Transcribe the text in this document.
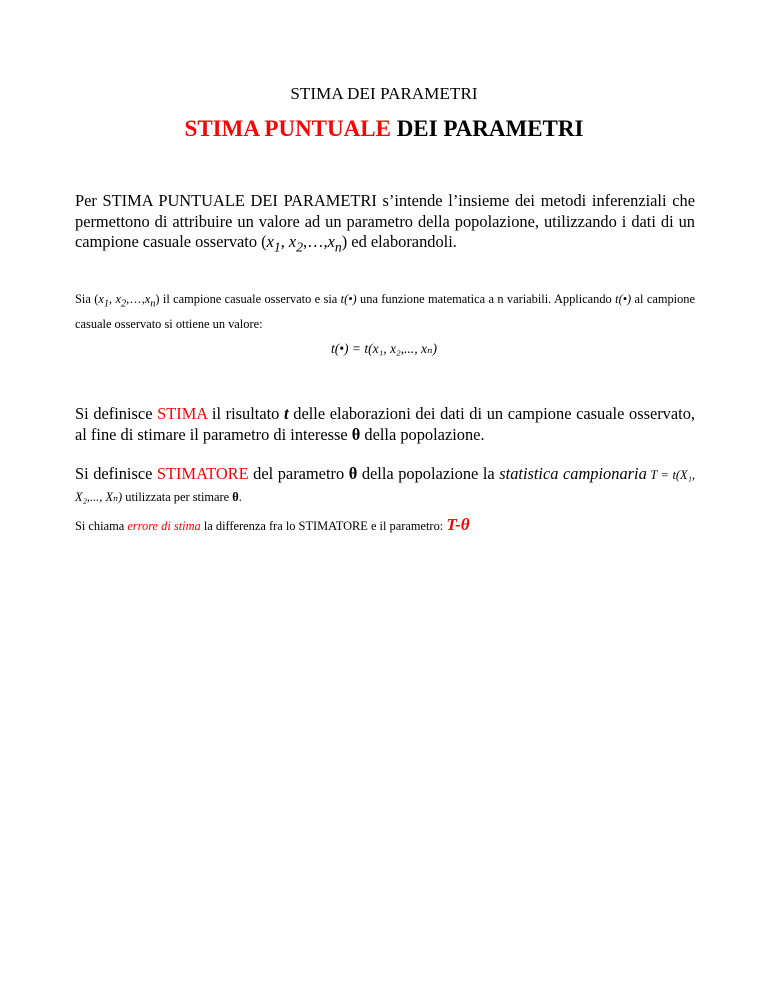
STIMA DEI PARAMETRI
STIMA PUNTUALE DEI PARAMETRI
Per STIMA PUNTUALE DEI PARAMETRI s’intende l’insieme dei metodi inferenziali che permettono di attribuire un valore ad un parametro della popolazione, utilizzando i dati di un campione casuale osservato ($x_1$, $x_2,\dots,x_n$) ed elaborandoli.
Sia ($x_1$, $x_2,\dots,x_n$) il campione casuale osservato e sia t(•) una funzione matematica a n variabili. Applicando t(•) al campione casuale osservato si ottiene un valore:
t(•) = t(x₁, x₂,..., xₙ)
Si definisce STIMA il risultato t delle elaborazioni dei dati di un campione casuale osservato, al fine di stimare il parametro di interesse θ della popolazione.
Si definisce STIMATORE del parametro θ della popolazione la statistica campionaria T = t(X₁, X₂,..., Xₙ) utilizzata per stimare θ.
Si chiama errore di stima la differenza fra lo STIMATORE e il parametro: T-θ
